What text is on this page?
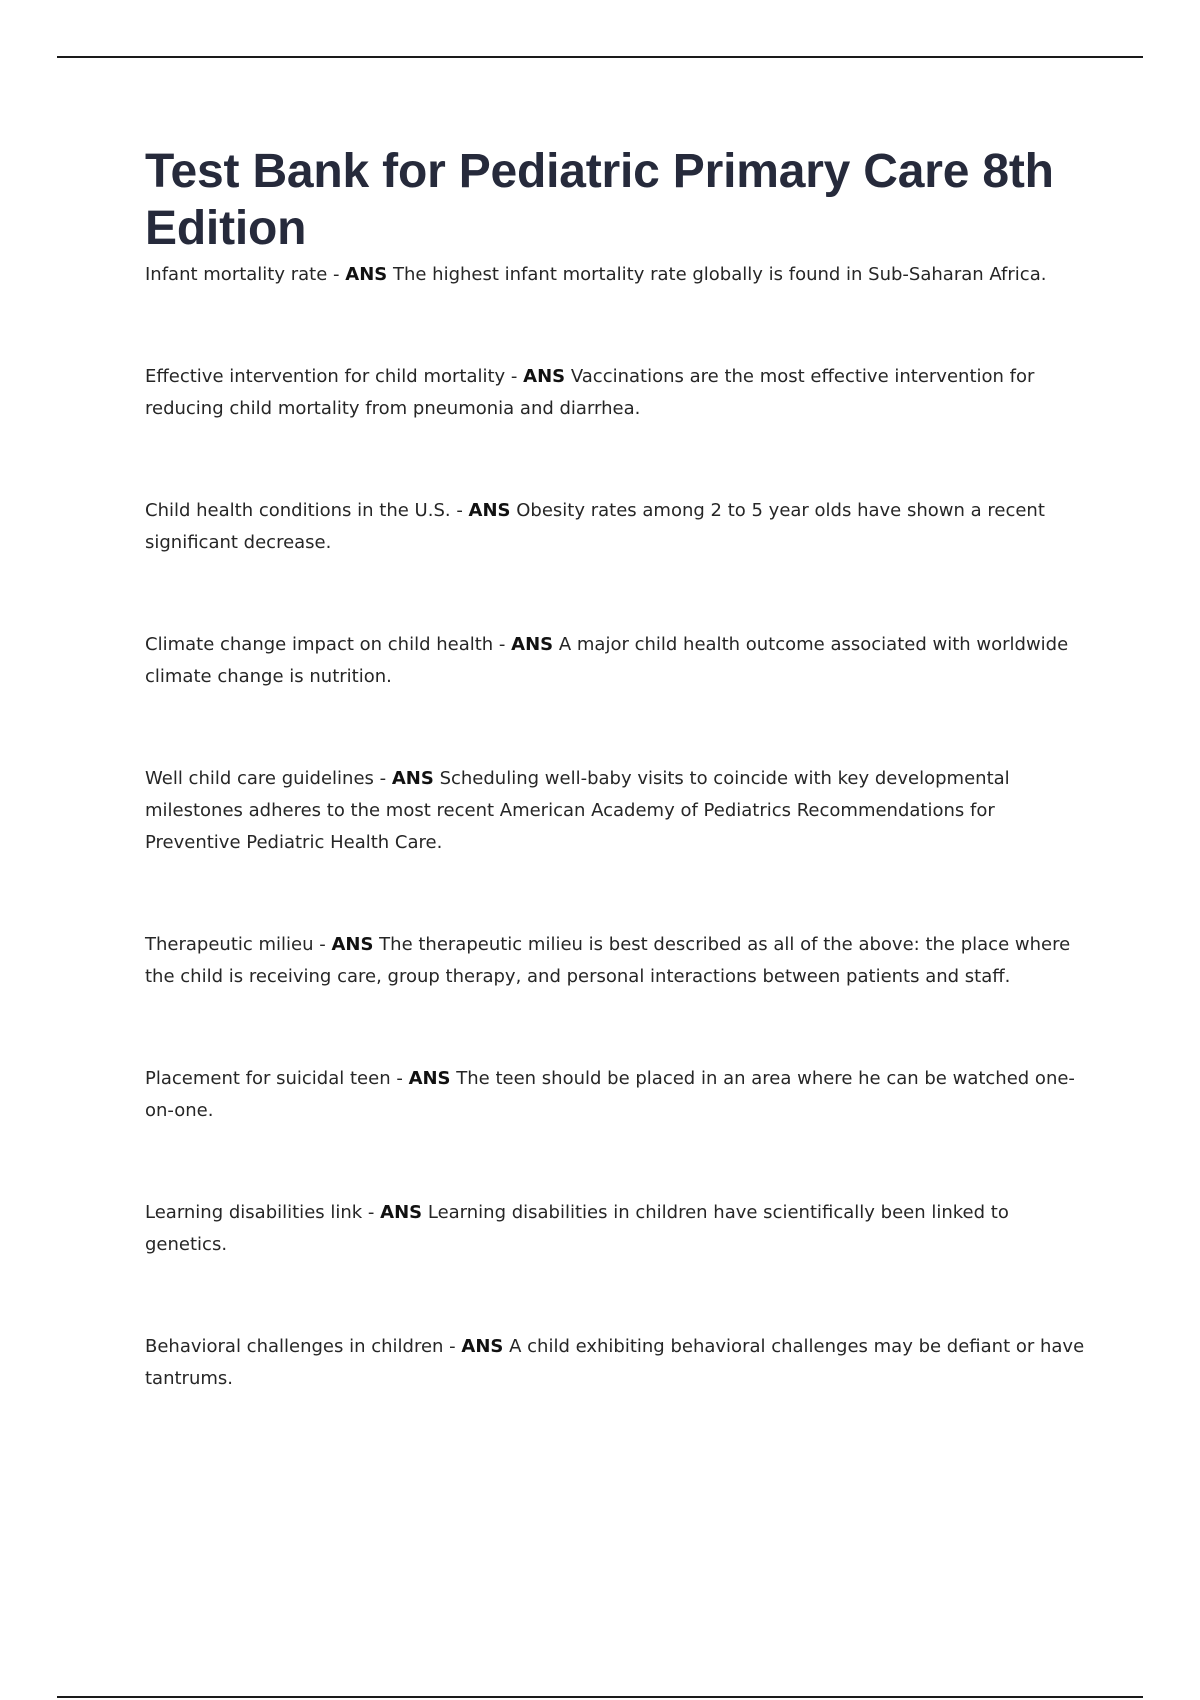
Test Bank for Pediatric Primary Care 8th Edition

Infant mortality rate - ANS The highest infant mortality rate globally is found in Sub-Saharan Africa.

Effective intervention for child mortality - ANS Vaccinations are the most effective intervention for reducing child mortality from pneumonia and diarrhea.

Child health conditions in the U.S. - ANS Obesity rates among 2 to 5 year olds have shown a recent significant decrease.

Climate change impact on child health - ANS A major child health outcome associated with worldwide climate change is nutrition.

Well child care guidelines - ANS Scheduling well-baby visits to coincide with key developmental milestones adheres to the most recent American Academy of Pediatrics Recommendations for Preventive Pediatric Health Care.

Therapeutic milieu - ANS The therapeutic milieu is best described as all of the above: the place where the child is receiving care, group therapy, and personal interactions between patients and staff.

Placement for suicidal teen - ANS The teen should be placed in an area where he can be watched one-on-one.

Learning disabilities link - ANS Learning disabilities in children have scientifically been linked to genetics.

Behavioral challenges in children - ANS A child exhibiting behavioral challenges may be defiant or have tantrums.
